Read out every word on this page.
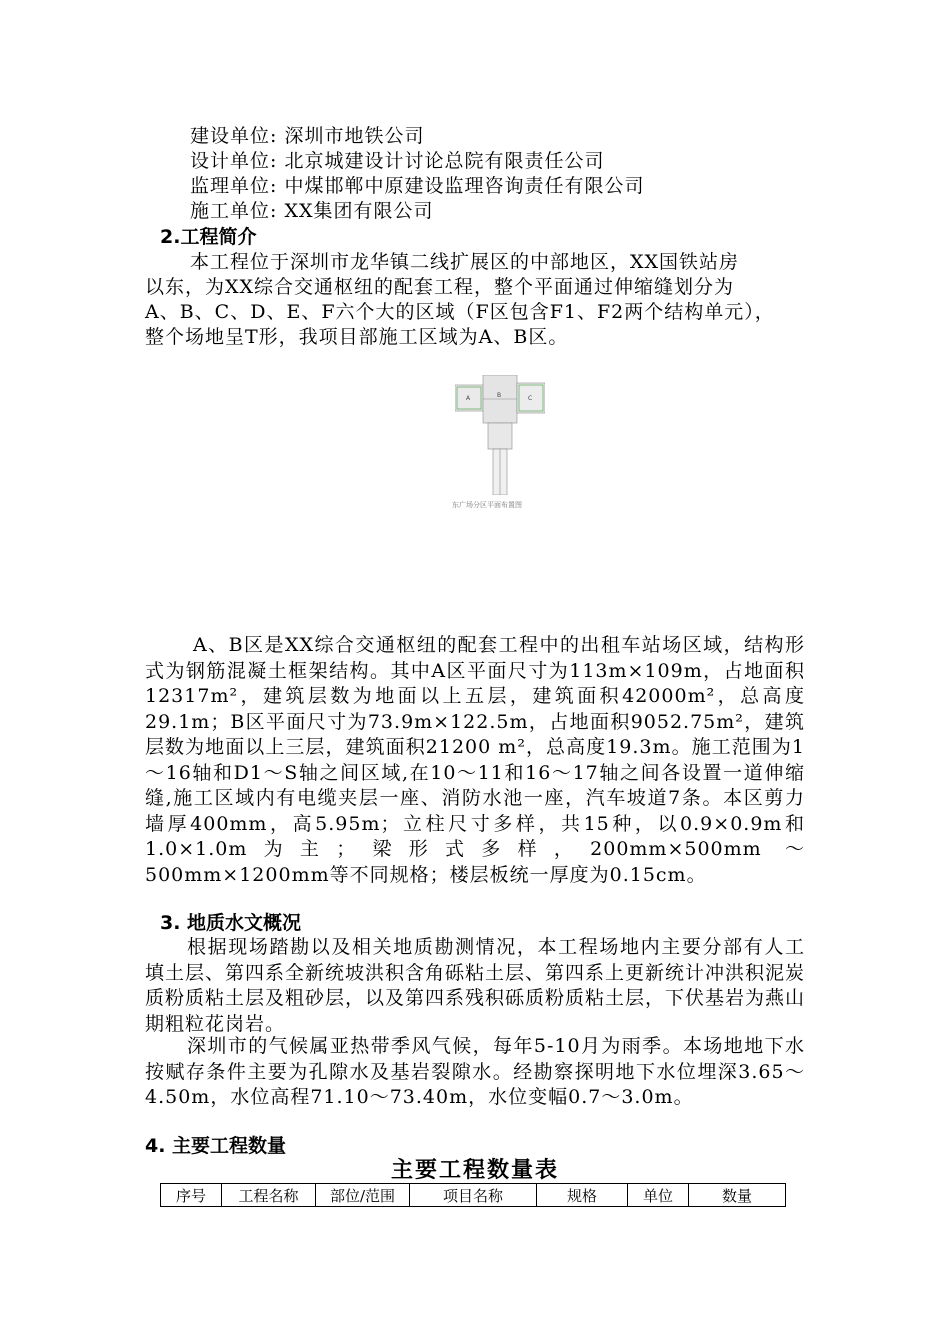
建设单位: 深圳市地铁公司
设计单位: 北京城建设计讨论总院有限责任公司
监理单位: 中煤邯郸中原建设监理咨询责任有限公司
施工单位: XX集团有限公司
2.工程简介
本工程位于深圳市龙华镇二线扩展区的中部地区，XX国铁站房
以东，为XX综合交通枢纽的配套工程，整个平面通过伸缩缝划分为
A、B、C、D、E、F六个大的区域（F区包含F1、F2两个结构单元），
整个场地呈T形，我项目部施工区域为A、B区。
A	B	C
东广场分区平面布置图
A、B区是XX综合交通枢纽的配套工程中的出租车站场区域，结构形式为钢筋混凝土框架结构。其中A区平面尺寸为113m×109m，占地面积12317m²，建筑层数为地面以上五层，建筑面积42000m²，总高度29.1m；B区平面尺寸为73.9m×122.5m，占地面积9052.75m²，建筑层数为地面以上三层，建筑面积21200 m²，总高度19.3m。施工范围为1～16轴和D1～S轴之间区域,在10～11和16～17轴之间各设置一道伸缩缝,施工区域内有电缆夹层一座、消防水池一座，汽车坡道7条。本区剪力墙厚400mm，高5.95m；立柱尺寸多样，共15种，以0.9×0.9m和1.0×1.0m为主；梁形式多样，200mm×500mm ～500mm×1200mm等不同规格；楼层板统一厚度为0.15cm。
3. 地质水文概况
根据现场踏勘以及相关地质勘测情况，本工程场地内主要分部有人工填土层、第四系全新统坡洪积含角砾粘土层、第四系上更新统计冲洪积泥炭质粉质粘土层及粗砂层，以及第四系残积砾质粉质粘土层，下伏基岩为燕山期粗粒花岗岩。
深圳市的气候属亚热带季风气候，每年5-10月为雨季。本场地地下水按赋存条件主要为孔隙水及基岩裂隙水。经勘察探明地下水位埋深3.65～4.50m，水位高程71.10～73.40m，水位变幅0.7～3.0m。
4. 主要工程数量
主要工程数量表
序号	工程名称	部位/范围	项目名称	规格	单位	数量
